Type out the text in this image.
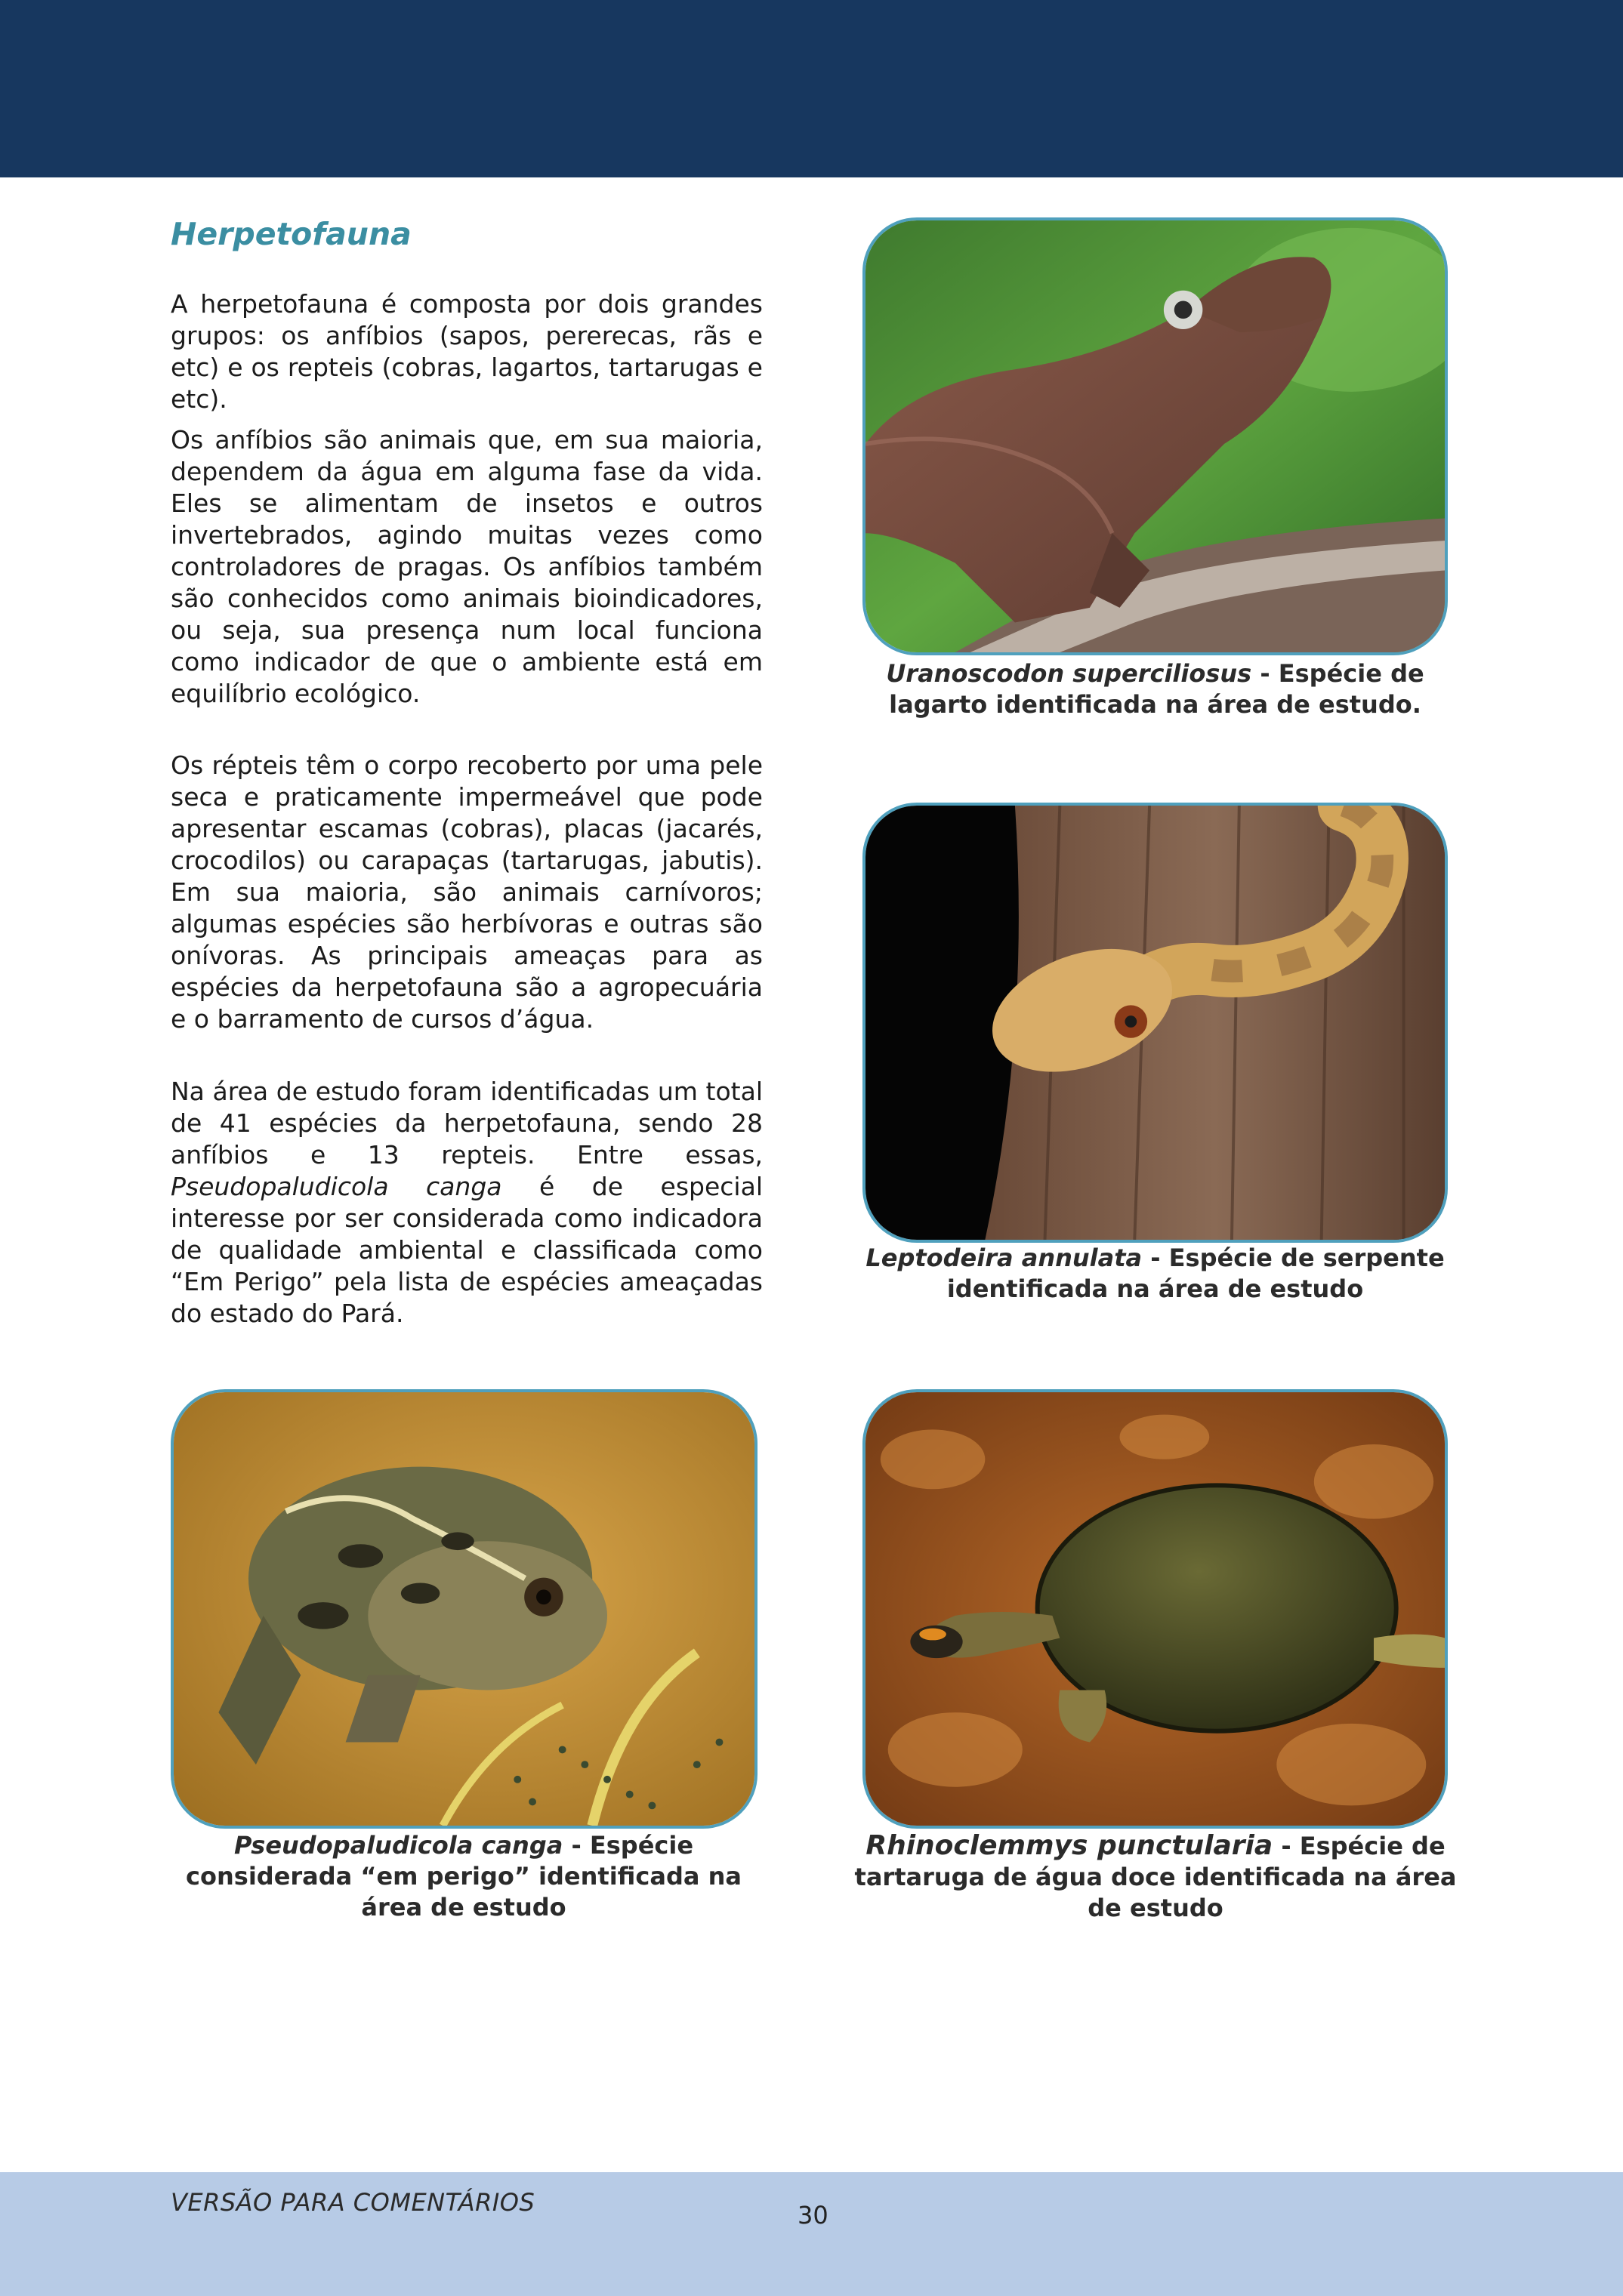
Herpetofauna

A herpetofauna é composta por dois grandes grupos: os anfíbios (sapos, pererecas, rãs e etc) e os repteis (cobras, lagartos, tartarugas e etc).

Os anfíbios são animais que, em sua maioria, dependem da água em alguma fase da vida. Eles se alimentam de insetos e outros invertebrados, agindo muitas vezes como controladores de pragas. Os anfíbios também são conhecidos como animais bioindicadores, ou seja, sua presença num local funciona como indicador de que o ambiente está em equilíbrio ecológico.

Os répteis têm o corpo recoberto por uma pele seca e praticamente impermeável que pode apresentar escamas (cobras), placas (jacarés, crocodilos) ou carapaças (tartarugas, jabutis). Em sua maioria, são animais carnívoros; algumas espécies são herbívoras e outras são onívoras. As principais ameaças para as espécies da herpetofauna são a agropecuária e o barramento de cursos d’água.

Na área de estudo foram identificadas um total de 41 espécies da herpetofauna, sendo 28 anfíbios e 13 repteis. Entre essas, Pseudopaludicola canga é de especial interesse por ser considerada como indicadora de qualidade ambiental e classificada como “Em Perigo” pela lista de espécies ameaçadas do estado do Pará.

Uranoscodon superciliosus - Espécie de lagarto identificada na área de estudo.

Leptodeira annulata - Espécie de serpente identificada na área de estudo

Pseudopaludicola canga - Espécie considerada “em perigo” identificada na área de estudo

Rhinoclemmys punctularia - Espécie de tartaruga de água doce identificada na área de estudo

VERSÃO PARA COMENTÁRIOS	30
